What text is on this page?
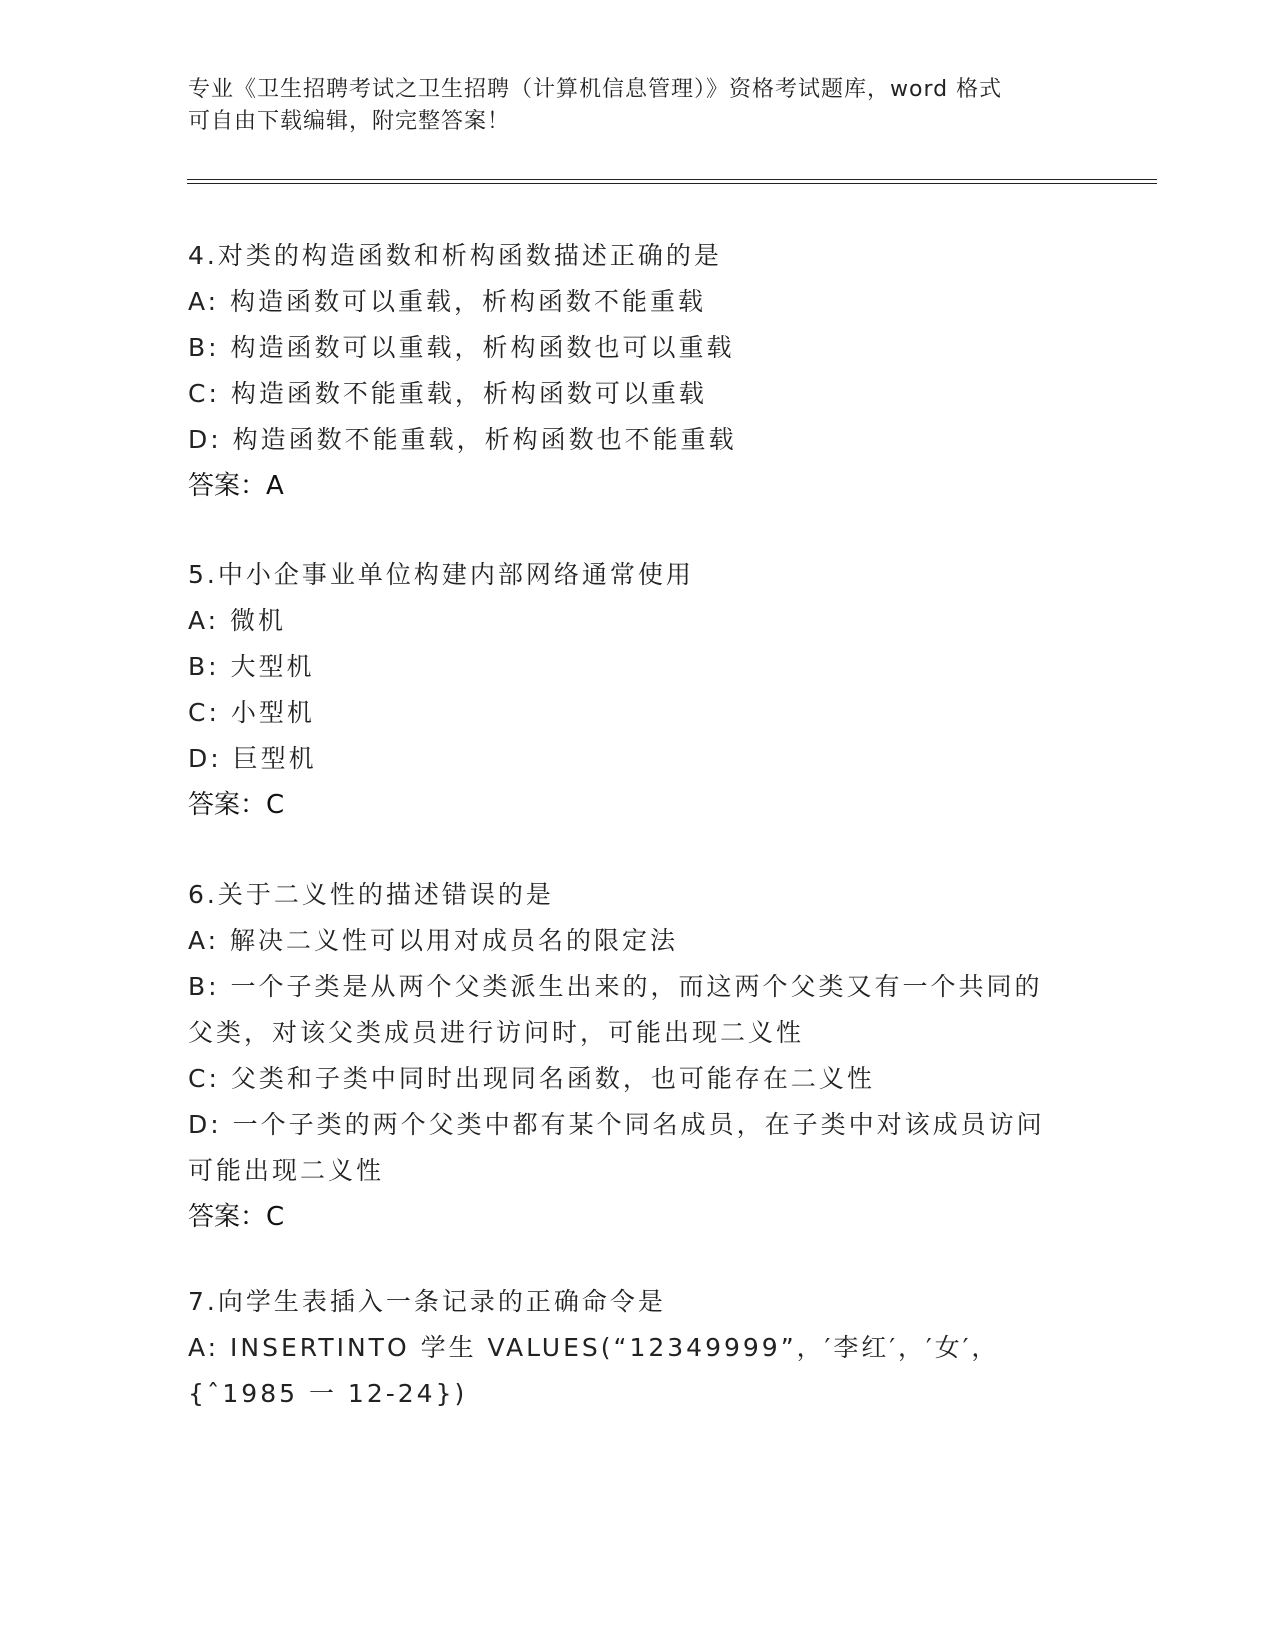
专业《卫生招聘考试之卫生招聘（计算机信息管理）》资格考试题库，word 格式
可自由下载编辑，附完整答案！
4.对类的构造函数和析构函数描述正确的是
A: 构造函数可以重载，析构函数不能重载
B: 构造函数可以重载，析构函数也可以重载
C: 构造函数不能重载，析构函数可以重载
D: 构造函数不能重载，析构函数也不能重载
答案：A
5.中小企事业单位构建内部网络通常使用
A: 微机
B: 大型机
C: 小型机
D: 巨型机
答案：C
6.关于二义性的描述错误的是
A: 解决二义性可以用对成员名的限定法
B: 一个子类是从两个父类派生出来的，而这两个父类又有一个共同的
父类，对该父类成员进行访问时，可能出现二义性
C: 父类和子类中同时出现同名函数，也可能存在二义性
D: 一个子类的两个父类中都有某个同名成员，在子类中对该成员访问
可能出现二义性
答案：C
7.向学生表插入一条记录的正确命令是
A: INSERTINTO 学生 VALUES(“12349999”，′李红′，′女′，
{ˆ1985 一 12-24})
